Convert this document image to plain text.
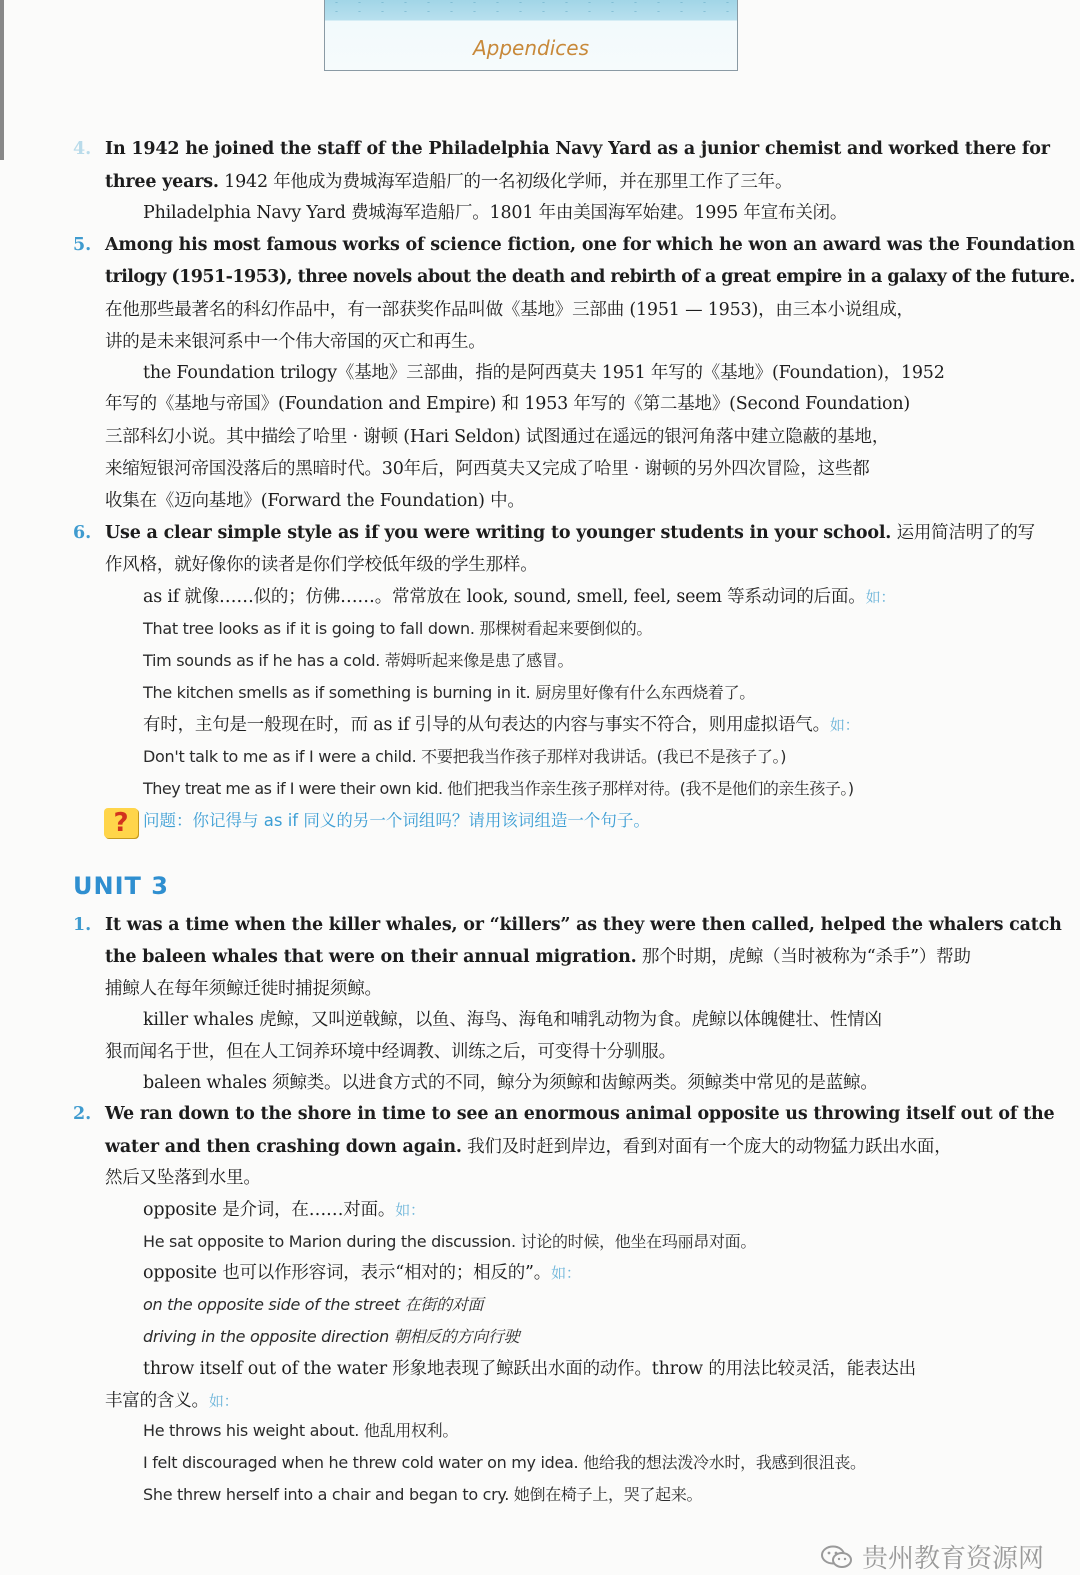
Appendices
4. In 1942 he joined the staff of the Philadelphia Navy Yard as a junior chemist and worked there for
three years. 1942 年他成为费城海军造船厂的一名初级化学师，并在那里工作了三年。
Philadelphia Navy Yard 费城海军造船厂。1801 年由美国海军始建。1995 年宣布关闭。
5. Among his most famous works of science fiction, one for which he won an award was the Foundation
trilogy (1951-1953), three novels about the death and rebirth of a great empire in a galaxy of the future.
在他那些最著名的科幻作品中，有一部获奖作品叫做《基地》三部曲 (1951 — 1953)，由三本小说组成，
讲的是未来银河系中一个伟大帝国的灭亡和再生。
the Foundation trilogy《基地》三部曲，指的是阿西莫夫 1951 年写的《基地》(Foundation)，1952
年写的《基地与帝国》(Foundation and Empire) 和 1953 年写的《第二基地》(Second Foundation)
三部科幻小说。其中描绘了哈里 · 谢顿 (Hari Seldon) 试图通过在遥远的银河角落中建立隐蔽的基地，
来缩短银河帝国没落后的黑暗时代。30年后，阿西莫夫又完成了哈里 · 谢顿的另外四次冒险，这些都
收集在《迈向基地》(Forward the Foundation) 中。
6. Use a clear simple style as if you were writing to younger students in your school. 运用简洁明了的写
作风格，就好像你的读者是你们学校低年级的学生那样。
as if 就像……似的；仿佛……。常常放在 look, sound, smell, feel, seem 等系动词的后面。如：
That tree looks as if it is going to fall down. 那棵树看起来要倒似的。
Tim sounds as if he has a cold. 蒂姆听起来像是患了感冒。
The kitchen smells as if something is burning in it. 厨房里好像有什么东西烧着了。
有时，主句是一般现在时，而 as if 引导的从句表达的内容与事实不符合，则用虚拟语气。如：
Don't talk to me as if I were a child. 不要把我当作孩子那样对我讲话。(我已不是孩子了。)
They treat me as if I were their own kid. 他们把我当作亲生孩子那样对待。(我不是他们的亲生孩子。)
? 问题：你记得与 as if 同义的另一个词组吗？请用该词组造一个句子。
UNIT 3
1. It was a time when the killer whales, or “killers” as they were then called, helped the whalers catch
the baleen whales that were on their annual migration. 那个时期，虎鲸（当时被称为“杀手”）帮助
捕鲸人在每年须鲸迁徙时捕捉须鲸。
killer whales 虎鲸，又叫逆戟鲸，以鱼、海鸟、海龟和哺乳动物为食。虎鲸以体魄健壮、性情凶
狠而闻名于世，但在人工饲养环境中经调教、训练之后，可变得十分驯服。
baleen whales 须鲸类。以进食方式的不同，鲸分为须鲸和齿鲸两类。须鲸类中常见的是蓝鲸。
2. We ran down to the shore in time to see an enormous animal opposite us throwing itself out of the
water and then crashing down again. 我们及时赶到岸边，看到对面有一个庞大的动物猛力跃出水面，
然后又坠落到水里。
opposite 是介词，在……对面。如：
He sat opposite to Marion during the discussion. 讨论的时候，他坐在玛丽昂对面。
opposite 也可以作形容词，表示“相对的；相反的”。如：
on the opposite side of the street 在街的对面
driving in the opposite direction 朝相反的方向行驶
throw itself out of the water 形象地表现了鲸跃出水面的动作。throw 的用法比较灵活，能表达出
丰富的含义。如：
He throws his weight about. 他乱用权利。
I felt discouraged when he threw cold water on my idea. 他给我的想法泼冷水时，我感到很沮丧。
She threw herself into a chair and began to cry. 她倒在椅子上，哭了起来。
贵州教育资源网
